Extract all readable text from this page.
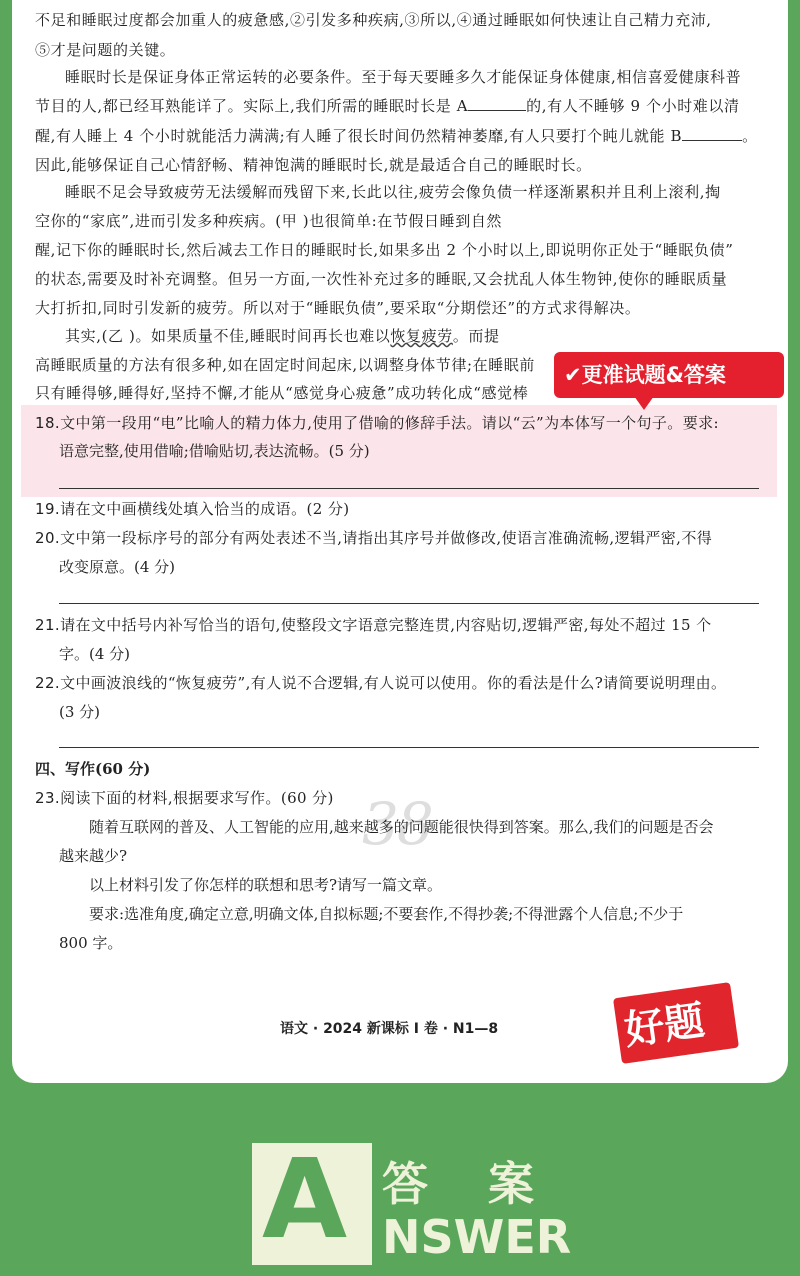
不足和睡眠过度都会加重人的疲惫感,②引发多种疾病,③所以,④通过睡眠如何快速让自己精力充沛,
⑤才是问题的关键。
睡眠时长是保证身体正常运转的必要条件。至于每天要睡多久才能保证身体健康,相信喜爱健康科普
节目的人,都已经耳熟能详了。实际上,我们所需的睡眠时长是 A	的,有人不睡够 9 个小时难以清
醒,有人睡上 4 个小时就能活力满满;有人睡了很长时间仍然精神萎靡,有人只要打个盹儿就能 B	。
因此,能够保证自己心情舒畅、精神饱满的睡眠时长,就是最适合自己的睡眠时长。
睡眠不足会导致疲劳无法缓解而残留下来,长此以往,疲劳会像负债一样逐渐累积并且利上滚利,掏
空你的“家底”,进而引发多种疾病。(甲 )也很简单:在节假日睡到自然
醒,记下你的睡眠时长,然后减去工作日的睡眠时长,如果多出 2 个小时以上,即说明你正处于“睡眠负债”
的状态,需要及时补充调整。但另一方面,一次性补充过多的睡眠,又会扰乱人体生物钟,使你的睡眠质量
大打折扣,同时引发新的疲劳。所以对于“睡眠负债”,要采取“分期偿还”的方式求得解决。
其实,(乙 )。如果质量不佳,睡眠时间再长也难以恢复疲劳。而提
高睡眠质量的方法有很多种,如在固定时间起床,以调整身体节律;在睡眠前
只有睡得够,睡得好,坚持不懈,才能从“感觉身心疲惫”成功转化成“感觉棒
✔更准试题&答案
18.文中第一段用“电”比喻人的精力体力,使用了借喻的修辞手法。请以“云”为本体写一个句子。要求:
语意完整,使用借喻;借喻贴切,表达流畅。(5 分)
19.请在文中画横线处填入恰当的成语。(2 分)
20.文中第一段标序号的部分有两处表述不当,请指出其序号并做修改,使语言准确流畅,逻辑严密,不得
改变原意。(4 分)
21.请在文中括号内补写恰当的语句,使整段文字语意完整连贯,内容贴切,逻辑严密,每处不超过 15 个
字。(4 分)
22.文中画波浪线的“恢复疲劳”,有人说不合逻辑,有人说可以使用。你的看法是什么?请简要说明理由。
(3 分)
四、写作(60 分)
23.阅读下面的材料,根据要求写作。(60 分) 38
随着互联网的普及、人工智能的应用,越来越多的问题能很快得到答案。那么,我们的问题是否会
越来越少?
以上材料引发了你怎样的联想和思考?请写一篇文章。
要求:选准角度,确定立意,明确文体,自拟标题;不要套作,不得抄袭;不得泄露个人信息;不少于
800 字。
语文 · 2024 新课标 Ⅰ 卷 · N1—8	好题
A 答案
NSWER
